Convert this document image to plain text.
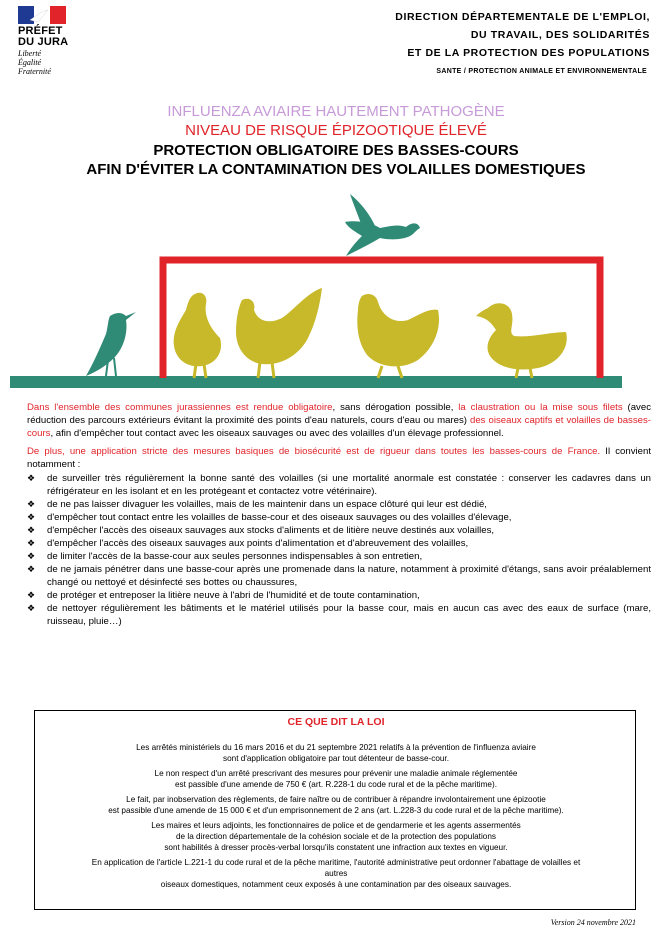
PRÉFET
DU JURA
Liberté
Égalité
Fraternité
DIRECTION DÉPARTEMENTALE DE L'EMPLOI,
DU TRAVAIL, DES SOLIDARITÉS
ET DE LA PROTECTION DES POPULATIONS
SANTE / PROTECTION ANIMALE ET ENVIRONNEMENTALE
INFLUENZA AVIAIRE HAUTEMENT PATHOGÈNE
NIVEAU DE RISQUE ÉPIZOOTIQUE ÉLEVÉ
PROTECTION OBLIGATOIRE DES BASSES-COURS
AFIN D'ÉVITER LA CONTAMINATION DES VOLAILLES DOMESTIQUES

Dans l'ensemble des communes jurassiennes est rendue obligatoire, sans dérogation possible, la claustration ou la mise sous filets (avec réduction des parcours extérieurs évitant la proximité des points d'eau naturels, cours d'eau ou mares) des oiseaux captifs et volailles de basses-cours, afin d'empêcher tout contact avec les oiseaux sauvages ou avec des volailles d'un élevage professionnel.

De plus, une application stricte des mesures basiques de biosécurité est de rigueur dans toutes les basses-cours de France. Il convient notamment :

❖ de surveiller très régulièrement la bonne santé des volailles (si une mortalité anormale est constatée : conserver les cadavres dans un réfrigérateur en les isolant et en les protégeant et contactez votre vétérinaire).
❖ de ne pas laisser divaguer les volailles, mais de les maintenir dans un espace clôturé qui leur est dédié,
❖ d'empêcher tout contact entre les volailles de basse-cour et des oiseaux sauvages ou des volailles d'élevage,
❖ d'empêcher l'accès des oiseaux sauvages aux stocks d'aliments et de litière neuve destinés aux volailles,
❖ d'empêcher l'accès des oiseaux sauvages aux points d'alimentation et d'abreuvement des volailles,
❖ de limiter l'accès de la basse-cour aux seules personnes indispensables à son entretien,
❖ de ne jamais pénétrer dans une basse-cour après une promenade dans la nature, notamment à proximité d'étangs, sans avoir préalablement changé ou nettoyé et désinfecté ses bottes ou chaussures,
❖ de protéger et entreposer la litière neuve à l'abri de l'humidité et de toute contamination,
❖ de nettoyer régulièrement les bâtiments et le matériel utilisés pour la basse cour, mais en aucun cas avec des eaux de surface (mare, ruisseau, pluie…)
CE QUE DIT LA LOI

Les arrêtés ministériels du 16 mars 2016 et du 21 septembre 2021 relatifs à la prévention de l'influenza aviaire
sont d'application obligatoire par tout détenteur de basse-cour.

Le non respect d'un arrêté prescrivant des mesures pour prévenir une maladie animale réglementée
est passible d'une amende de 750 € (art. R.228-1 du code rural et de la pêche maritime).

Le fait, par inobservation des règlements, de faire naître ou de contribuer à répandre involontairement une épizootie
est passible d'une amende de 15 000 € et d'un emprisonnement de 2 ans (art. L.228-3 du code rural et de la pêche maritime).

Les maires et leurs adjoints, les fonctionnaires de police et de gendarmerie et les agents assermentés
de la direction départementale de la cohésion sociale et de la protection des populations
sont habilités à dresser procès-verbal lorsqu'ils constatent une infraction aux textes en vigueur.

En application de l'article L.221-1 du code rural et de la pêche maritime, l'autorité administrative peut ordonner l'abattage de volailles et autres
oiseaux domestiques, notamment ceux exposés à une contamination par des oiseaux sauvages.

Version 24 novembre 2021
